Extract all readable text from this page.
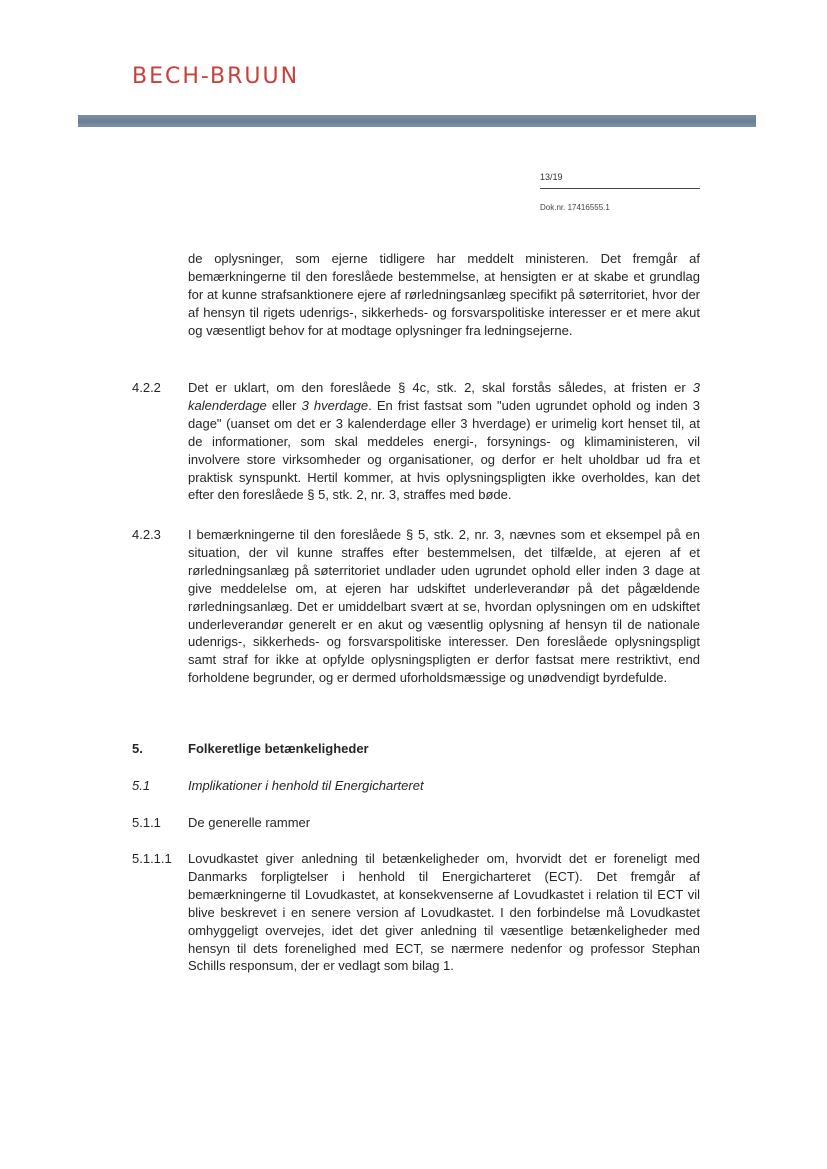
BECH-BRUUN
13/19
Dok.nr. 17416555.1

de oplysninger, som ejerne tidligere har meddelt ministeren. Det fremgår af bemærkningerne til den foreslåede bestemmelse, at hensigten er at skabe et grundlag for at kunne strafsanktionere ejere af rørledningsanlæg specifikt på søterritoriet, hvor der af hensyn til rigets udenrigs-, sikkerheds- og forsvarspolitiske interesser er et mere akut og væsentligt behov for at modtage oplysninger fra ledningsejerne.

4.2.2 Det er uklart, om den foreslåede § 4c, stk. 2, skal forstås således, at fristen er 3 kalenderdage eller 3 hverdage. En frist fastsat som "uden ugrundet ophold og inden 3 dage" (uanset om det er 3 kalenderdage eller 3 hverdage) er urimelig kort henset til, at de informationer, som skal meddeles energi-, forsynings- og klimaministeren, vil involvere store virksomheder og organisationer, og derfor er helt uholdbar ud fra et praktisk synspunkt. Hertil kommer, at hvis oplysningspligten ikke overholdes, kan det efter den foreslåede § 5, stk. 2, nr. 3, straffes med bøde.

4.2.3 I bemærkningerne til den foreslåede § 5, stk. 2, nr. 3, nævnes som et eksempel på en situation, der vil kunne straffes efter bestemmelsen, det tilfælde, at ejeren af et rørledningsanlæg på søterritoriet undlader uden ugrundet ophold eller inden 3 dage at give meddelelse om, at ejeren har udskiftet underleverandør på det pågældende rørledningsanlæg. Det er umiddelbart svært at se, hvordan oplysningen om en udskiftet underleverandør generelt er en akut og væsentlig oplysning af hensyn til de nationale udenrigs-, sikkerheds- og forsvarspolitiske interesser. Den foreslåede oplysningspligt samt straf for ikke at opfylde oplysningspligten er derfor fastsat mere restriktivt, end forholdene begrunder, og er dermed uforholdsmæssige og unødvendigt byrdefulde.

5.	Folkeretlige betænkeligheder

5.1	Implikationer i henhold til Energicharteret

5.1.1 De generelle rammer

5.1.1.1 Lovudkastet giver anledning til betænkeligheder om, hvorvidt det er foreneligt med Danmarks forpligtelser i henhold til Energicharteret (ECT). Det fremgår af bemærkningerne til Lovudkastet, at konsekvenserne af Lovudkastet i relation til ECT vil blive beskrevet i en senere version af Lovudkastet. I den forbindelse må Lovudkastet omhyggeligt overvejes, idet det giver anledning til væsentlige betænkeligheder med hensyn til dets forenelighed med ECT, se nærmere nedenfor og professor Stephan Schills responsum, der er vedlagt som bilag 1.
